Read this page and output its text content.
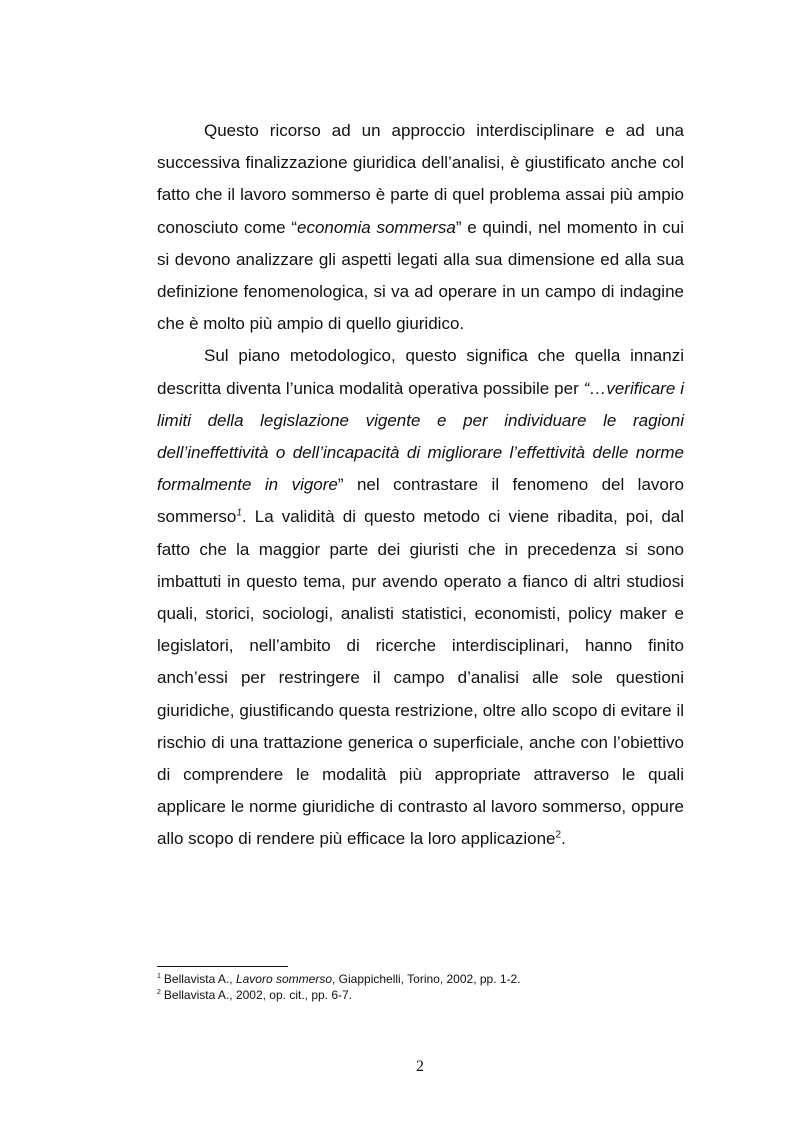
Questo ricorso ad un approccio interdisciplinare e ad una successiva finalizzazione giuridica dell’analisi, è giustificato anche col fatto che il lavoro sommerso è parte di quel problema assai più ampio conosciuto come “economia sommersa” e quindi, nel momento in cui si devono analizzare gli aspetti legati alla sua dimensione ed alla sua definizione fenomenologica, si va ad operare in un campo di indagine che è molto più ampio di quello giuridico.

Sul piano metodologico, questo significa che quella innanzi descritta diventa l’unica modalità operativa possibile per “…verificare i limiti della legislazione vigente e per individuare le ragioni dell’ineffettività o dell’incapacità di migliorare l’effettività delle norme formalmente in vigore” nel contrastare il fenomeno del lavoro sommerso$^1$. La validità di questo metodo ci viene ribadita, poi, dal fatto che la maggior parte dei giuristi che in precedenza si sono imbattuti in questo tema, pur avendo operato a fianco di altri studiosi quali, storici, sociologi, analisti statistici, economisti, policy maker e legislatori, nell’ambito di ricerche interdisciplinari, hanno finito anch’essi per restringere il campo d’analisi alle sole questioni giuridiche, giustificando questa restrizione, oltre allo scopo di evitare il rischio di una trattazione generica o superficiale, anche con l’obiettivo di comprendere le modalità più appropriate attraverso le quali applicare le norme giuridiche di contrasto al lavoro sommerso, oppure allo scopo di rendere più efficace la loro applicazione$^2$.

$^1$ Bellavista A., Lavoro sommerso, Giappichelli, Torino, 2002, pp. 1-2.

$^2$ Bellavista A., 2002, op. cit., pp. 6-7.

2
